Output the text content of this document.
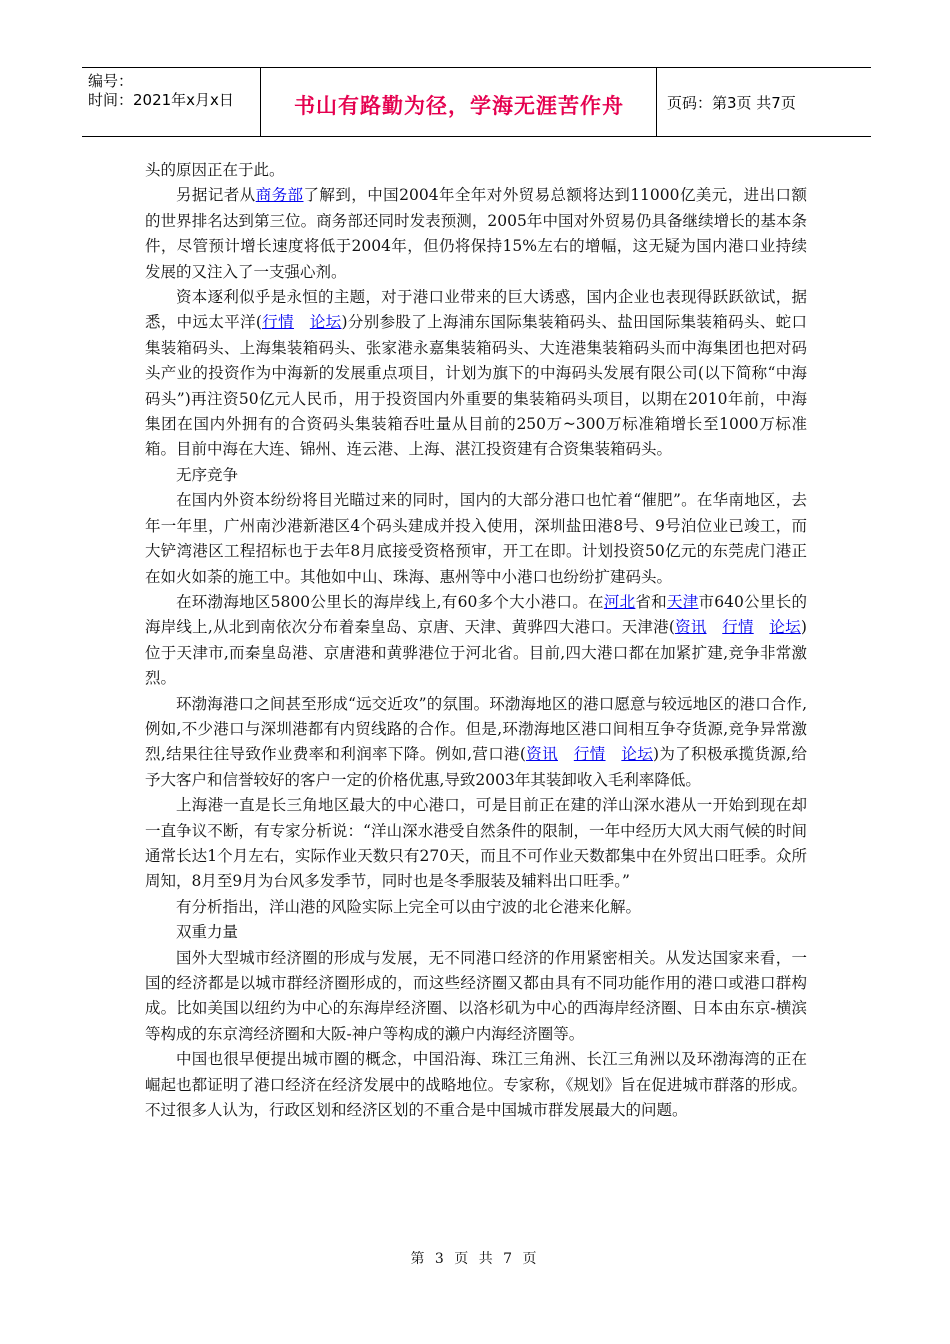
编号：
时间：2021年x月x日	书山有路勤为径，学海无涯苦作舟	页码：第3页 共7页

头的原因正在于此。

另据记者从商务部了解到，中国2004年全年对外贸易总额将达到11000亿美元，进出口额的世界排名达到第三位。商务部还同时发表预测，2005年中国对外贸易仍具备继续增长的基本条件，尽管预计增长速度将低于2004年，但仍将保持15%左右的增幅，这无疑为国内港口业持续发展的又注入了一支强心剂。

资本逐利似乎是永恒的主题，对于港口业带来的巨大诱惑，国内企业也表现得跃跃欲试，据悉，中远太平洋(行情　 论坛)分别参股了上海浦东国际集装箱码头、盐田国际集装箱码头、蛇口集装箱码头、上海集装箱码头、张家港永嘉集装箱码头、大连港集装箱码头而中海集团也把对码头产业的投资作为中海新的发展重点项目，计划为旗下的中海码头发展有限公司(以下简称“中海码头”)再注资50亿元人民币，用于投资国内外重要的集装箱码头项目，以期在2010年前，中海集团在国内外拥有的合资码头集装箱吞吐量从目前的250万~300万标准箱增长至1000万标准箱。目前中海在大连、锦州、连云港、上海、湛江投资建有合资集装箱码头。

无序竞争

在国内外资本纷纷将目光瞄过来的同时，国内的大部分港口也忙着“催肥”。在华南地区，去年一年里，广州南沙港新港区4个码头建成并投入使用，深圳盐田港8号、9号泊位业已竣工，而大铲湾港区工程招标也于去年8月底接受资格预审，开工在即。计划投资50亿元的东莞虎门港正在如火如荼的施工中。其他如中山、珠海、惠州等中小港口也纷纷扩建码头。

在环渤海地区5800公里长的海岸线上,有60多个大小港口。在河北省和天津市640公里长的海岸线上,从北到南依次分布着秦皇岛、京唐、天津、黄骅四大港口。天津港(资讯　 行情　 论坛)位于天津市,而秦皇岛港、京唐港和黄骅港位于河北省。目前,四大港口都在加紧扩建,竞争非常激烈。

环渤海港口之间甚至形成“远交近攻”的氛围。环渤海地区的港口愿意与较远地区的港口合作,例如,不少港口与深圳港都有内贸线路的合作。但是,环渤海地区港口间相互争夺货源,竞争异常激烈,结果往往导致作业费率和利润率下降。例如,营口港(资讯　 行情　 论坛)为了积极承揽货源,给予大客户和信誉较好的客户一定的价格优惠,导致2003年其装卸收入毛利率降低。

上海港一直是长三角地区最大的中心港口，可是目前正在建的洋山深水港从一开始到现在却一直争议不断，有专家分析说：“洋山深水港受自然条件的限制，一年中经历大风大雨气候的时间通常长达1个月左右，实际作业天数只有270天，而且不可作业天数都集中在外贸出口旺季。众所周知，8月至9月为台风多发季节，同时也是冬季服装及辅料出口旺季。”

有分析指出，洋山港的风险实际上完全可以由宁波的北仑港来化解。

双重力量

国外大型城市经济圈的形成与发展，无不同港口经济的作用紧密相关。从发达国家来看，一国的经济都是以城市群经济圈形成的，而这些经济圈又都由具有不同功能作用的港口或港口群构成。比如美国以纽约为中心的东海岸经济圈、以洛杉矶为中心的西海岸经济圈、日本由东京-横滨等构成的东京湾经济圈和大阪-神户等构成的濑户内海经济圈等。

中国也很早便提出城市圈的概念，中国沿海、珠江三角洲、长江三角洲以及环渤海湾的正在崛起也都证明了港口经济在经济发展中的战略地位。专家称，《规划》旨在促进城市群落的形成。不过很多人认为，行政区划和经济区划的不重合是中国城市群发展最大的问题。

第 3 页 共 7 页
